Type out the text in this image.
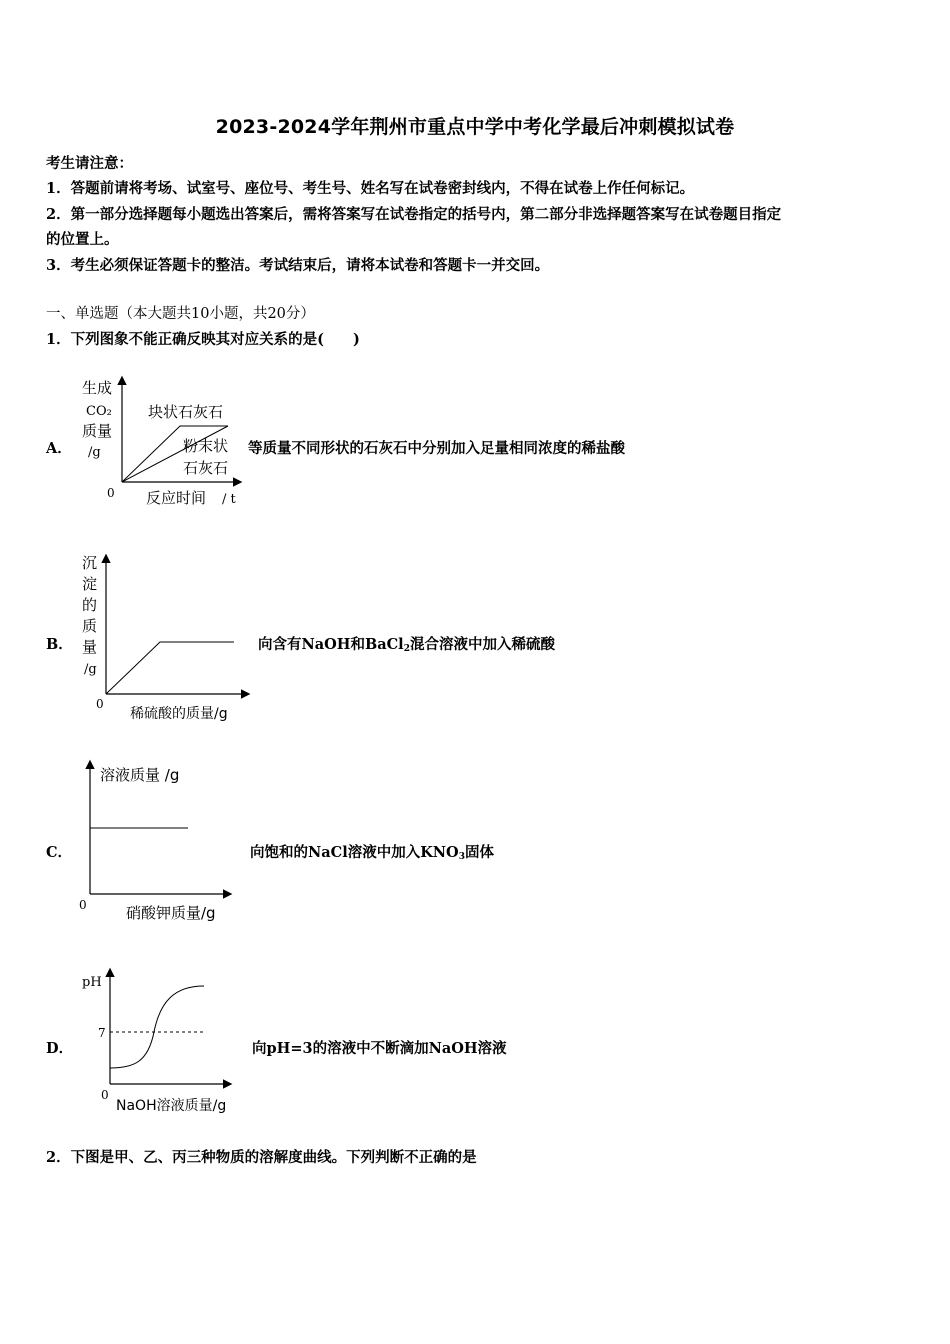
2023-2024学年荆州市重点中学中考化学最后冲刺模拟试卷
考生请注意：
1．答题前请将考场、试室号、座位号、考生号、姓名写在试卷密封线内，不得在试卷上作任何标记。
2．第一部分选择题每小题选出答案后，需将答案写在试卷指定的括号内，第二部分非选择题答案写在试卷题目指定
的位置上。
3．考生必须保证答题卡的整洁。考试结束后，请将本试卷和答题卡一并交回。
一、单选题（本大题共10小题，共20分）
1．下列图象不能正确反映其对应关系的是(　　)
A．
生成
CO₂
质量
/g
块状石灰石
粉末状
石灰石
0 反应时间 / t
等质量不同形状的石灰石中分别加入足量相同浓度的稀盐酸
B．
沉
淀
的
质
量
/g
0
稀硫酸的质量/g
向含有NaOH和BaCl$_2$混合溶液中加入稀硫酸
C．
溶液质量 /g
0	硝酸钾质量/g
向饱和的NaCl溶液中加入$KNO_3$固体
D．
pH
7
0
NaOH溶液质量/g
向pH=3的溶液中不断滴加NaOH溶液
2．下图是甲、乙、丙三种物质的溶解度曲线。下列判断不正确的是
